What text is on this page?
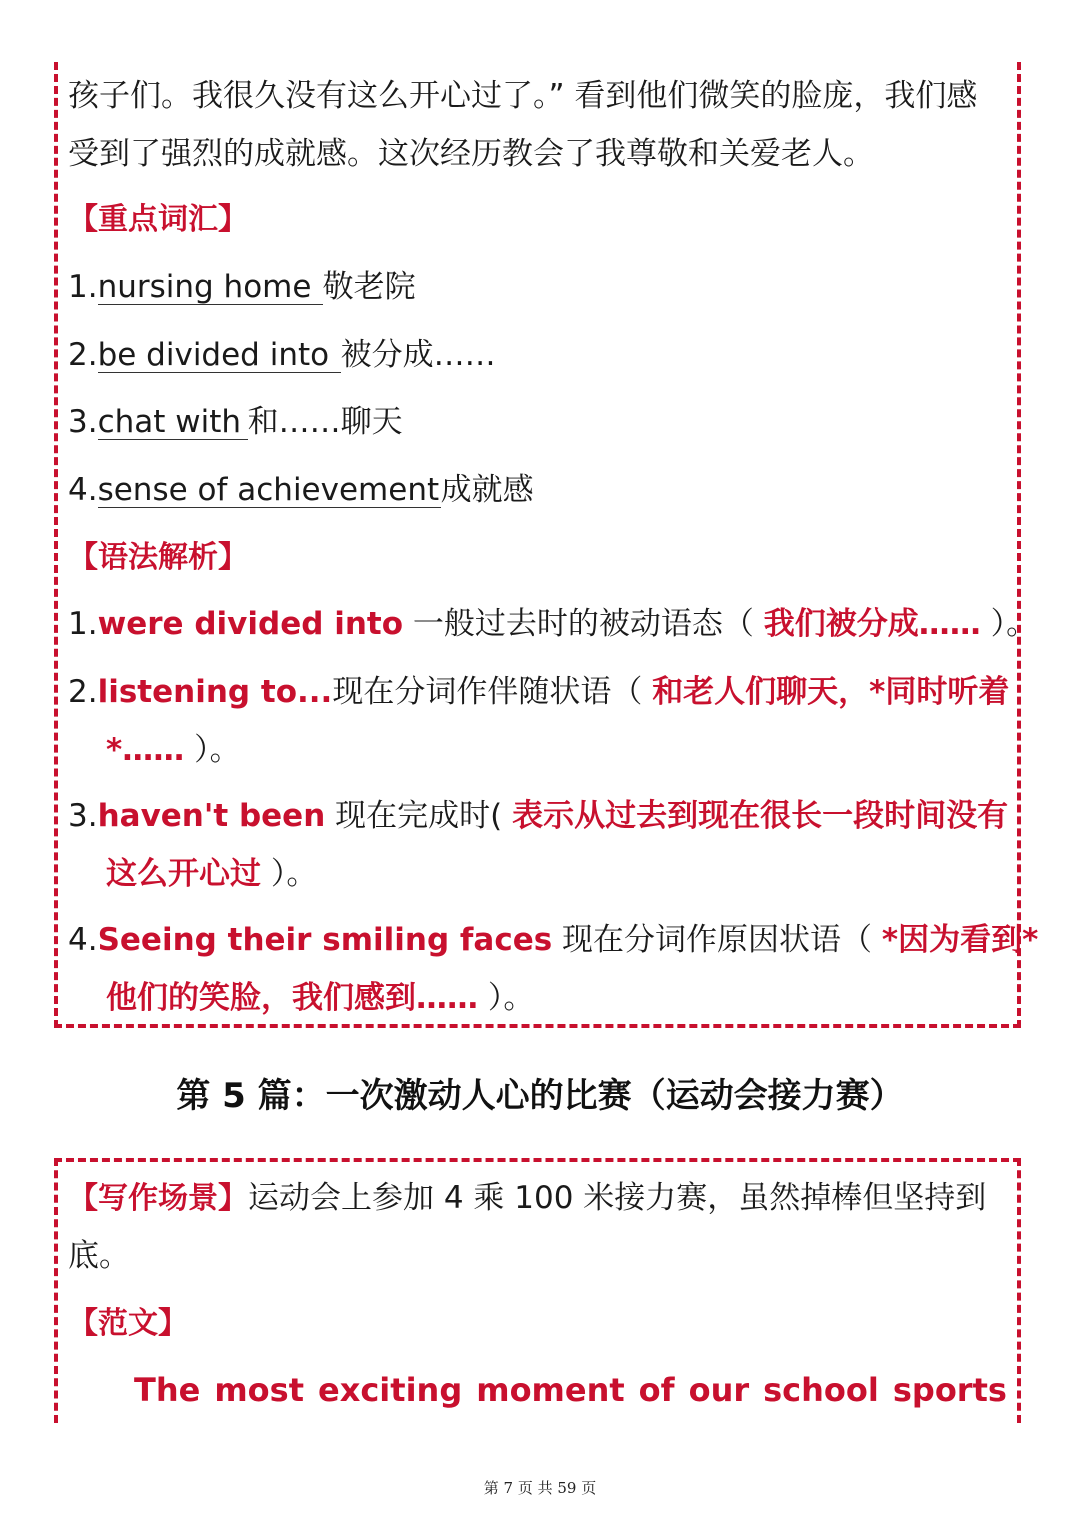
孩子们。我很久没有这么开心过了。” 看到他们微笑的脸庞，我们感
受到了强烈的成就感。这次经历教会了我尊敬和关爱老人。
【重点词汇】
1.nursing home 敬老院
2.be divided into 被分成……
3.chat with 和……聊天
4.sense of achievement成就感
【语法解析】
1.were divided into 一般过去时的被动语态（ 我们被分成…… ）。
2.listening to...现在分词作伴随状语（ 和老人们聊天，*同时听着
*…… ）。
3.haven't been 现在完成时( 表示从过去到现在很长一段时间没有
这么开心过 ）。
4.Seeing their smiling faces 现在分词作原因状语（ *因为看到*
他们的笑脸，我们感到…… ）。
第 5 篇：一次激动人心的比赛（运动会接力赛）
【写作场景】运动会上参加 4 乘 100 米接力赛，虽然掉棒但坚持到
底。
【范文】
The most exciting moment of our school sports
第 7 页 共 59 页
